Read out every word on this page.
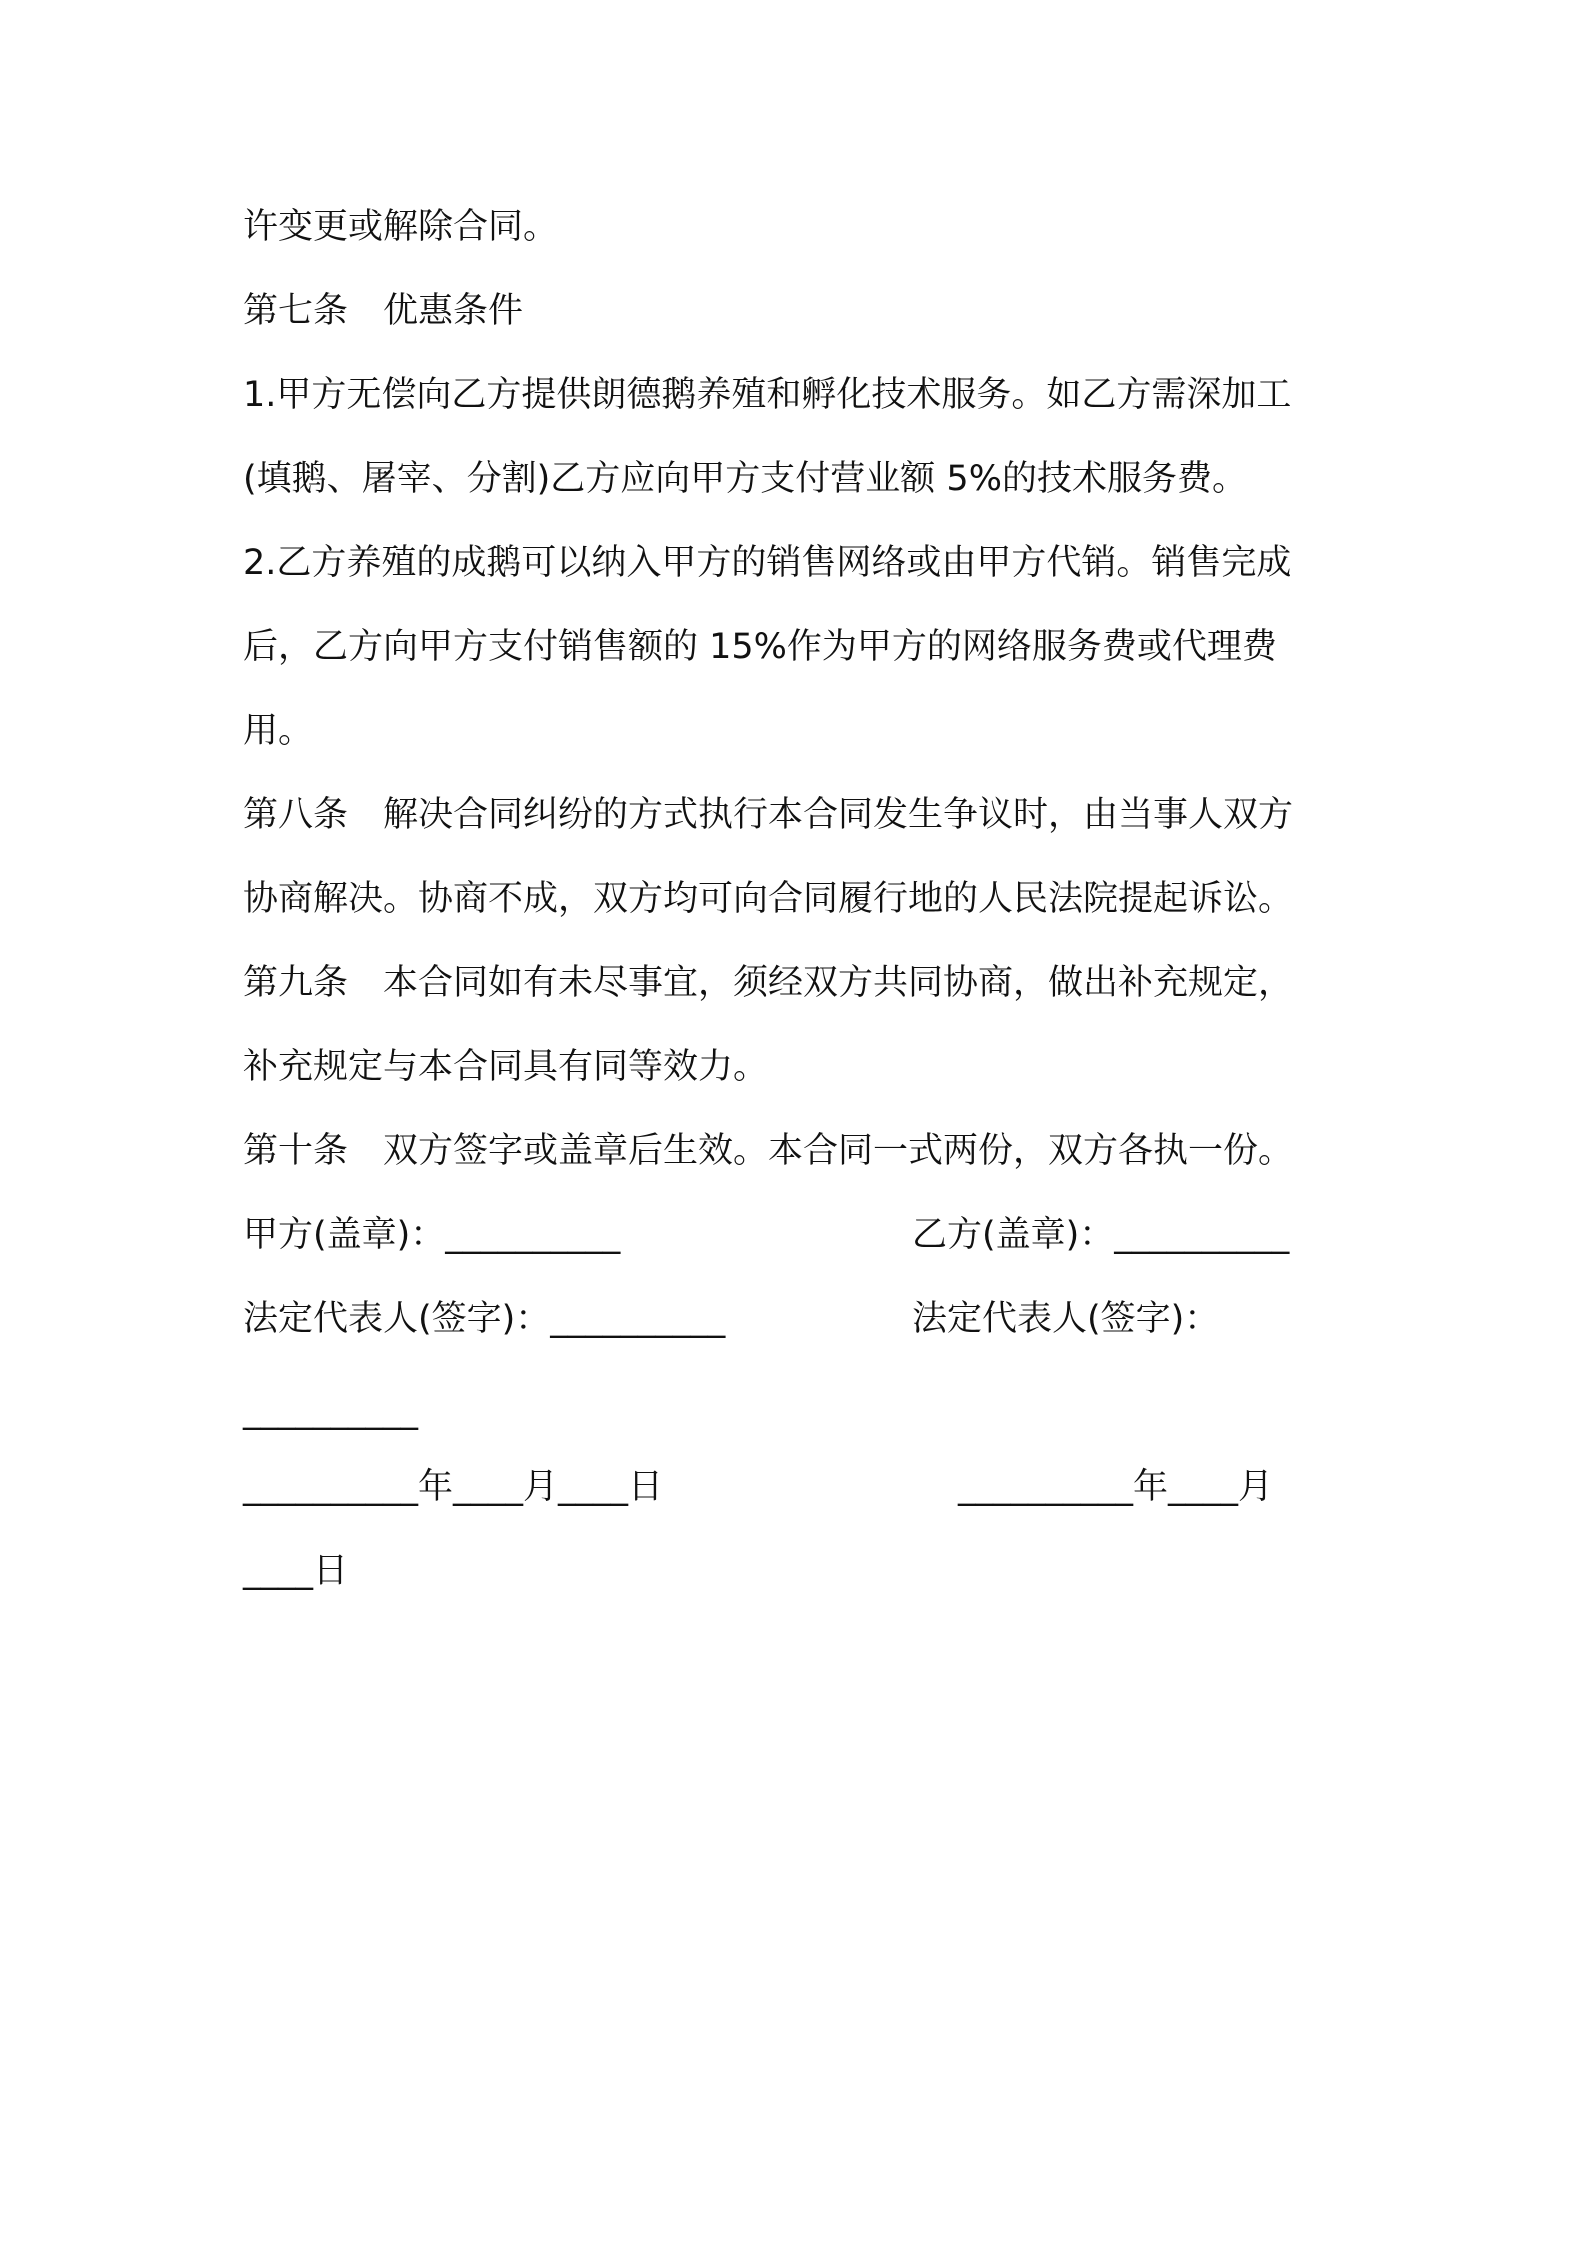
许变更或解除合同。
第七条　优惠条件
1.甲方无偿向乙方提供朗德鹅养殖和孵化技术服务。如乙方需深加工
(填鹅、屠宰、分割)乙方应向甲方支付营业额 5%的技术服务费。
2.乙方养殖的成鹅可以纳入甲方的销售网络或由甲方代销。销售完成
后，乙方向甲方支付销售额的 15%作为甲方的网络服务费或代理费
用。
第八条　解决合同纠纷的方式执行本合同发生争议时，由当事人双方
协商解决。协商不成，双方均可向合同履行地的人民法院提起诉讼。
第九条　本合同如有未尽事宜，须经双方共同协商，做出补充规定，
补充规定与本合同具有同等效力。
第十条　双方签字或盖章后生效。本合同一式两份，双方各执一份。
甲方(盖章)：__________	乙方(盖章)：__________
法定代表人(签字)：__________	法定代表人(签字)：
__________
__________年____月____日	__________年____月
____日
